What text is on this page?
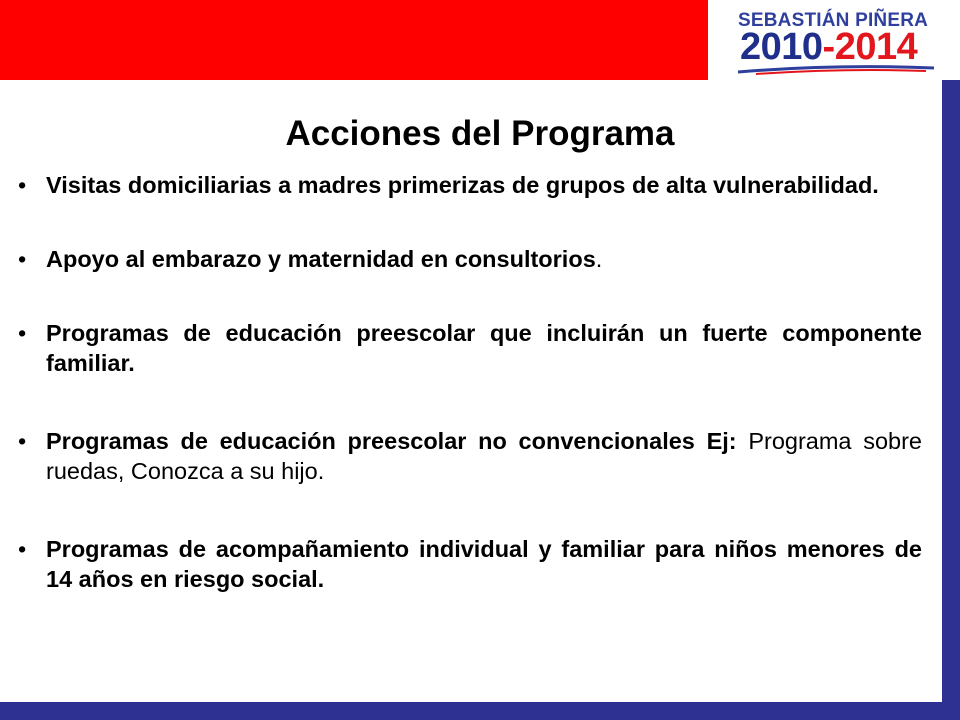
SEBASTIÁN PIÑERA
2010-2014
Acciones del Programa
• Visitas domiciliarias a madres primerizas de grupos de alta vulnerabilidad.
• Apoyo al embarazo y maternidad en consultorios.
• Programas de educación preescolar que incluirán un fuerte componente familiar.
• Programas de educación preescolar no convencionales Ej: Programa sobre ruedas, Conozca a su hijo.
• Programas de acompañamiento individual y familiar para niños menores de 14 años en riesgo social.
